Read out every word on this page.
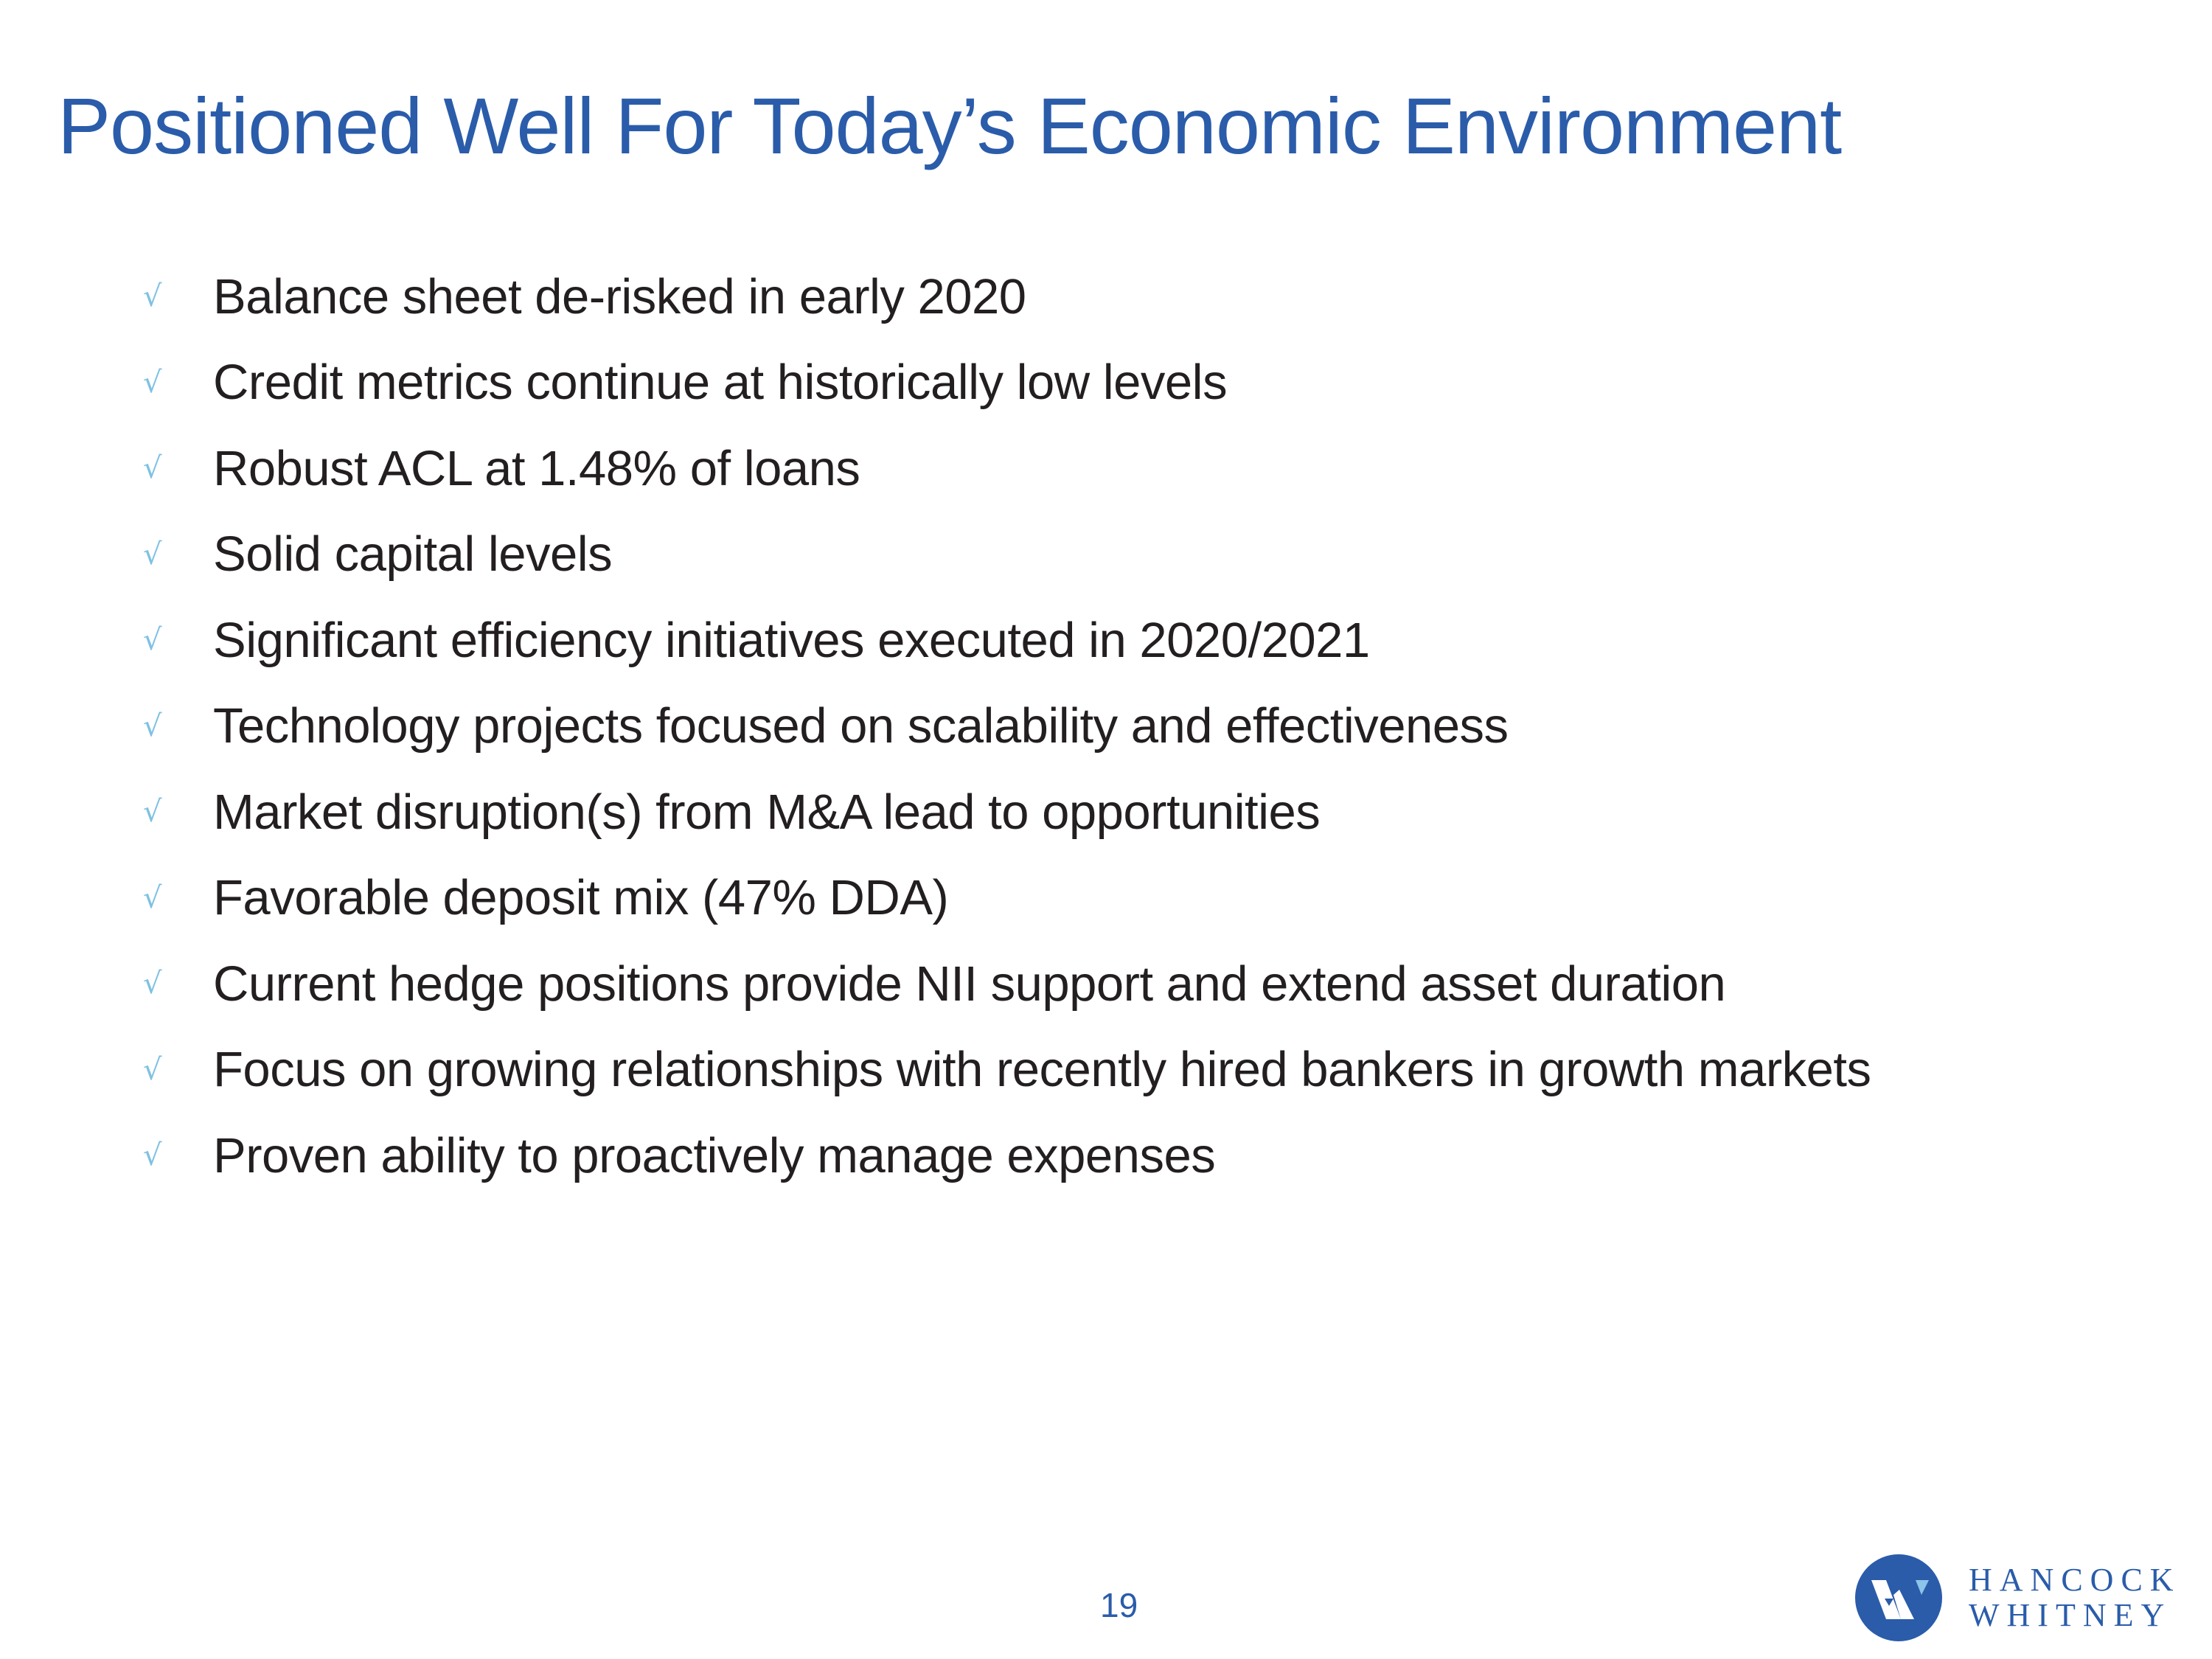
Positioned Well For Today’s Economic Environment
√	Balance sheet de-risked in early 2020
√	Credit metrics continue at historically low levels
√	Robust ACL at 1.48% of loans
√	Solid capital levels
√	Significant efficiency initiatives executed in 2020/2021
√	Technology projects focused on scalability and effectiveness
√	Market disruption(s) from M&A lead to opportunities
√	Favorable deposit mix (47% DDA)
√	Current hedge positions provide NII support and extend asset duration
√	Focus on growing relationships with recently hired bankers in growth markets
√	Proven ability to proactively manage expenses
19
HANCOCK
WHITNEY
